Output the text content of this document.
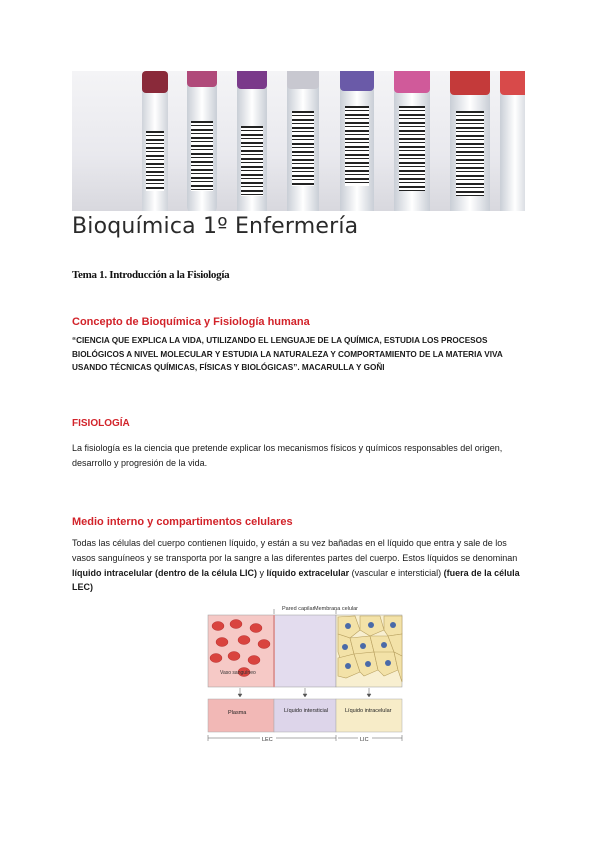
Bioquímica 1º Enfermería
Tema 1. Introducción a la Fisiología
Concepto de Bioquímica y Fisiología humana
“CIENCIA QUE EXPLICA LA VIDA, UTILIZANDO EL LENGUAJE DE LA QUÍMICA, ESTUDIA LOS PROCESOS BIOLÓGICOS A NIVEL MOLECULAR Y ESTUDIA LA NATURALEZA Y COMPORTAMIENTO DE LA MATERIA VIVA USANDO TÉCNICAS QUÍMICAS, FÍSICAS Y BIOLÓGICAS”. MACARULLA Y GOÑI
FISIOLOGÍA
La fisiología es la ciencia que pretende explicar los mecanismos físicos y químicos responsables del origen, desarrollo y progresión de la vida.
Medio interno y compartimentos celulares
Todas las células del cuerpo contienen líquido, y están a su vez bañadas en el líquido que entra y sale de los vasos sanguíneos y se transporta por la sangre a las diferentes partes del cuerpo. Estos líquidos se denominan líquido intracelular (dentro de la célula LIC) y líquido extracelular (vascular e intersticial) (fuera de la célula LEC)
Pared capilar Membrana celular
Vaso sanguíneo
Plasma	Líquido intersticial	Líquido intracelular
LEC	LIC
